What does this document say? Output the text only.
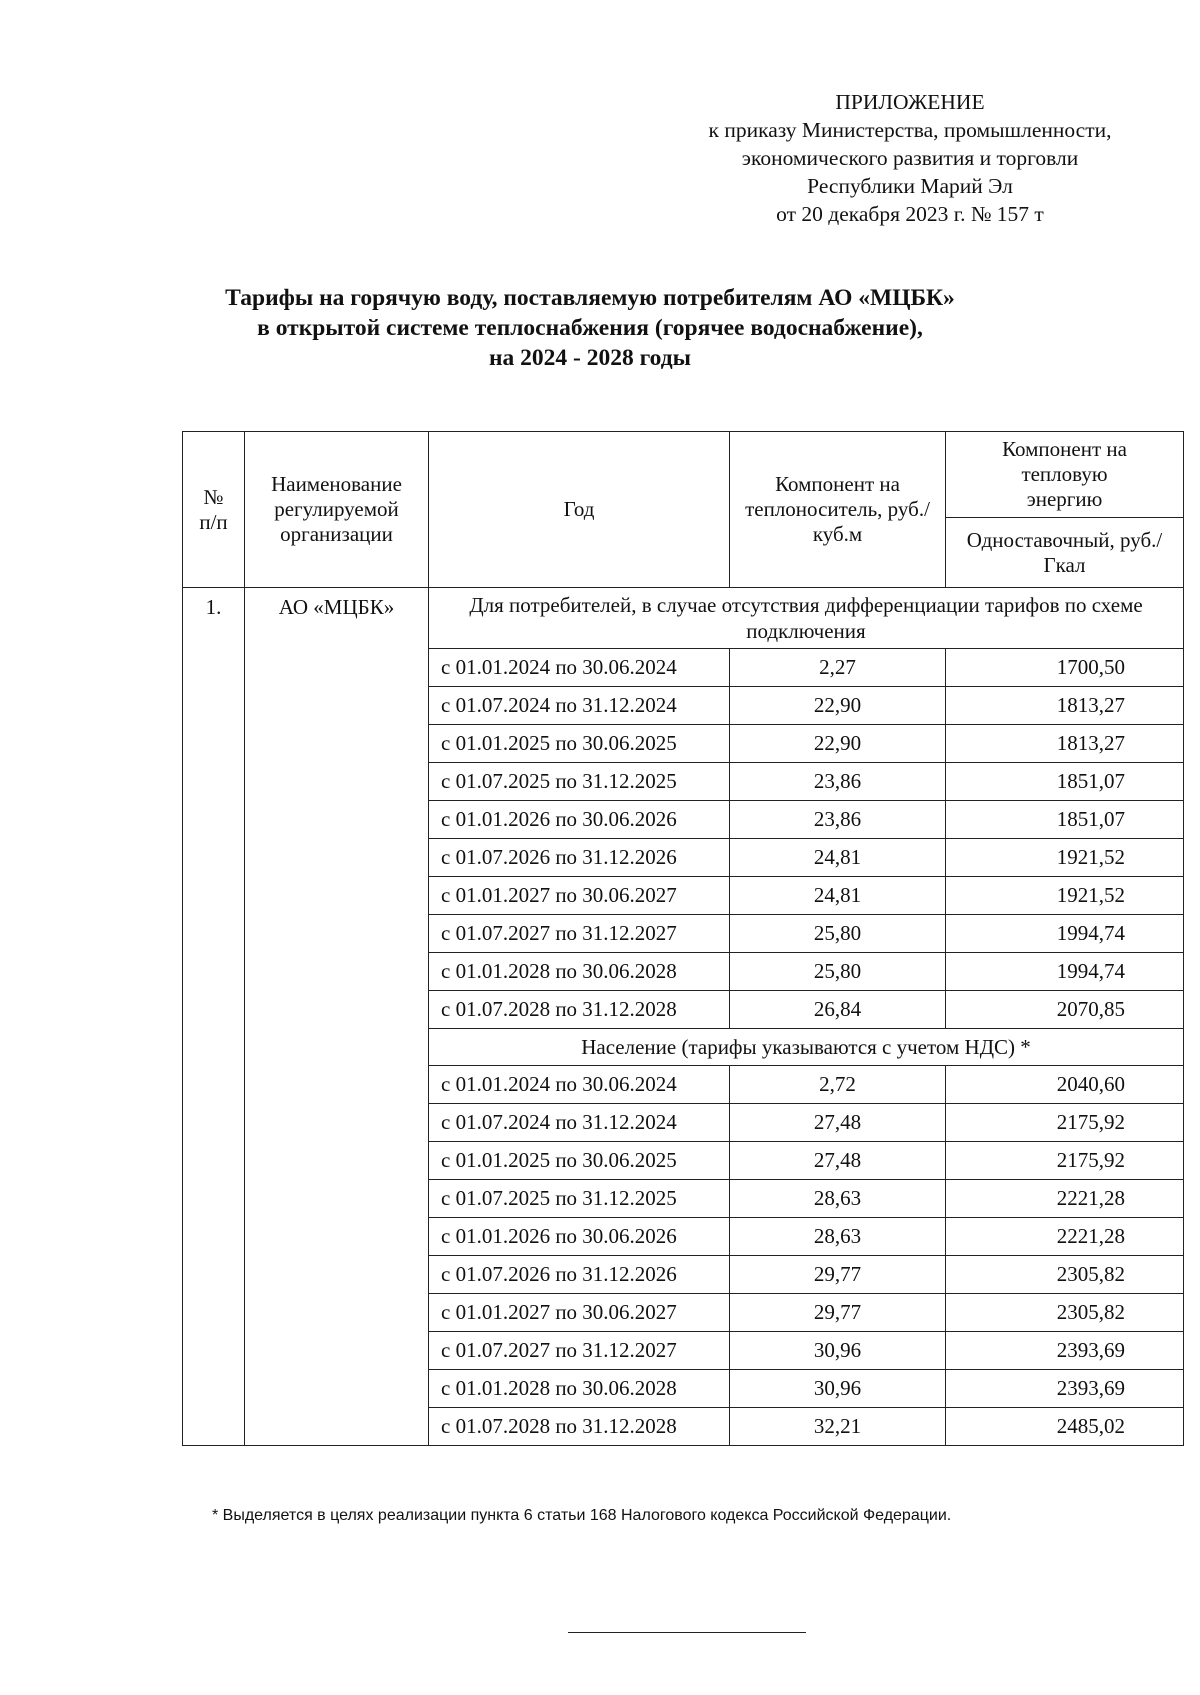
ПРИЛОЖЕНИЕ
к приказу Министерства, промышленности,
экономического развития и торговли
Республики Марий Эл
от 20 декабря 2023 г. № 157 т
Тарифы на горячую воду, поставляемую потребителям АО «МЦБК»
в открытой системе теплоснабжения (горячее водоснабжение),
на 2024 - 2028 годы
№ п/п	Наименование регулируемой организации	Год	Компонент на теплоноситель, руб./куб.м	Компонент на тепловую энергию
				Одноставочный, руб./Гкал
1.	АО «МЦБК»	Для потребителей, в случае отсутствия дифференциации тарифов по схеме подключения		
		с 01.01.2024 по 30.06.2024	2,27	1700,50
		с 01.07.2024 по 31.12.2024	22,90	1813,27
		с 01.01.2025 по 30.06.2025	22,90	1813,27
		с 01.07.2025 по 31.12.2025	23,86	1851,07
		с 01.01.2026 по 30.06.2026	23,86	1851,07
		с 01.07.2026 по 31.12.2026	24,81	1921,52
		с 01.01.2027 по 30.06.2027	24,81	1921,52
		с 01.07.2027 по 31.12.2027	25,80	1994,74
		с 01.01.2028 по 30.06.2028	25,80	1994,74
		с 01.07.2028 по 31.12.2028	26,84	2070,85
		Население (тарифы указываются с учетом НДС) *		
		с 01.01.2024 по 30.06.2024	2,72	2040,60
		с 01.07.2024 по 31.12.2024	27,48	2175,92
		с 01.01.2025 по 30.06.2025	27,48	2175,92
		с 01.07.2025 по 31.12.2025	28,63	2221,28
		с 01.01.2026 по 30.06.2026	28,63	2221,28
		с 01.07.2026 по 31.12.2026	29,77	2305,82
		с 01.01.2027 по 30.06.2027	29,77	2305,82
		с 01.07.2027 по 31.12.2027	30,96	2393,69
		с 01.01.2028 по 30.06.2028	30,96	2393,69
		с 01.07.2028 по 31.12.2028	32,21	2485,02
* Выделяется в целях реализации пункта 6 статьи 168 Налогового кодекса Российской Федерации.
